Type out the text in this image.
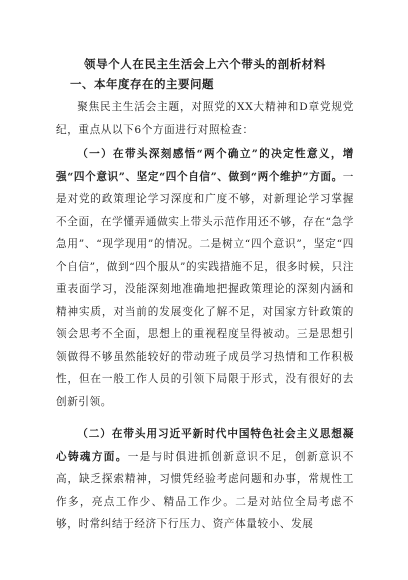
领导个人在民主生活会上六个带头的剖析材料
一、本年度存在的主要问题

聚焦民主生活会主题，对照党的XX大精神和D章党规党纪，重点从以下6个方面进行对照检查：

（一）在带头深刻感悟“两个确立”的决定性意义，增强“四个意识”、坚定“四个自信”、做到“两个维护”方面。一是对党的政策理论学习深度和广度不够，对新理论学习掌握不全面，在学懂弄通做实上带头示范作用还不够，存在“急学急用”、“现学现用”的情况。二是树立“四个意识”，坚定“四个自信”，做到“四个服从”的实践措施不足，很多时候，只注重表面学习，没能深刻地准确地把握政策理论的深刻内涵和精神实质，对当前的发展变化了解不足，对国家方针政策的领会思考不全面，思想上的重视程度呈得被动。三是思想引领做得不够虽然能较好的带动班子成员学习热情和工作积极性，但在一般工作人员的引领下局限于形式，没有很好的去创新引领。

（二）在带头用习近平新时代中国特色社会主义思想凝心铸魂方面。一是与时俱进抓创新意识不足，创新意识不高，缺乏探索精神，习惯凭经验考虑问题和办事，常规性工作多，亮点工作少、精品工作少。二是对站位全局考虑不够，时常纠结于经济下行压力、资产体量较小、发展
